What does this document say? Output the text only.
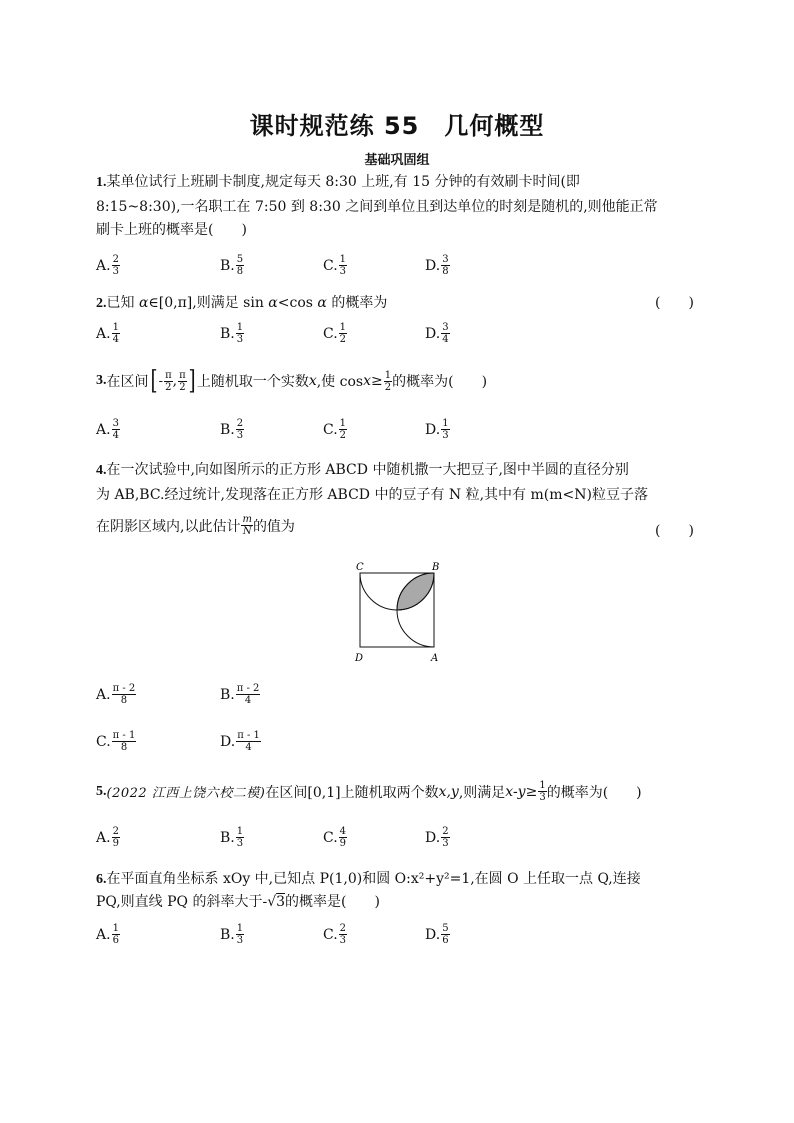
课时规范练 55　几何概型
基础巩固组
1.某单位试行上班刷卡制度,规定每天 8:30 上班,有 15 分钟的有效刷卡时间(即
8:15~8:30),一名职工在 7:50 到 8:30 之间到单位且到达单位的时刻是随机的,则他能正常
刷卡上班的概率是(　　)
A. $\frac{2}{3}$	B. $\frac{5}{8}$	C. $\frac{1}{3}$	D. $\frac{3}{8}$
2.已知 α∈[0,π],则满足 sin α<cos α 的概率为	(　　)
A. $\frac{1}{4}$	B. $\frac{1}{3}$	C. $\frac{1}{2}$	D. $\frac{3}{4}$
3. 在区间 [ - $\frac{\pi}{2}$ , $\frac{\pi}{2}$ ] 上随机取一个实数 x ,使 $\cos x \ge \frac{1}{2}$ 的概率为(　　)
A. $\frac{3}{4}$	B. $\frac{2}{3}$	C. $\frac{1}{2}$	D. $\frac{1}{3}$
4.在一次试验中,向如图所示的正方形 ABCD 中随机撒一大把豆子,图中半圆的直径分别
为 AB,BC.经过统计,发现落在正方形 ABCD 中的豆子有 N 粒,其中有 m(m<N)粒豆子落
在阴影区域内,以此估计 $\frac{m}{N}$ 的值为	(　　)
C	B
D	A
A. $\frac{\pi - 2}{8}$	B. $\frac{\pi - 2}{4}$
C. $\frac{\pi - 1}{8}$	D. $\frac{\pi - 1}{4}$
5. (2022 江西上饶六校二模) 在区间[0,1]上随机取两个数 x,y ,则满足 $x-y \ge \frac{1}{3}$ 的概率为(　　)
A. $\frac{2}{9}$	B. $\frac{1}{3}$	C. $\frac{4}{9}$	D. $\frac{2}{3}$
6.在平面直角坐标系 xOy 中,已知点 P(1,0)和圆 O:x²+y²=1,在圆 O 上任取一点 Q,连接
PQ,则直线 PQ 的斜率大于-√3的概率是(　　)
A. $\frac{1}{6}$	B. $\frac{1}{3}$	C. $\frac{2}{3}$	D. $\frac{5}{6}$
